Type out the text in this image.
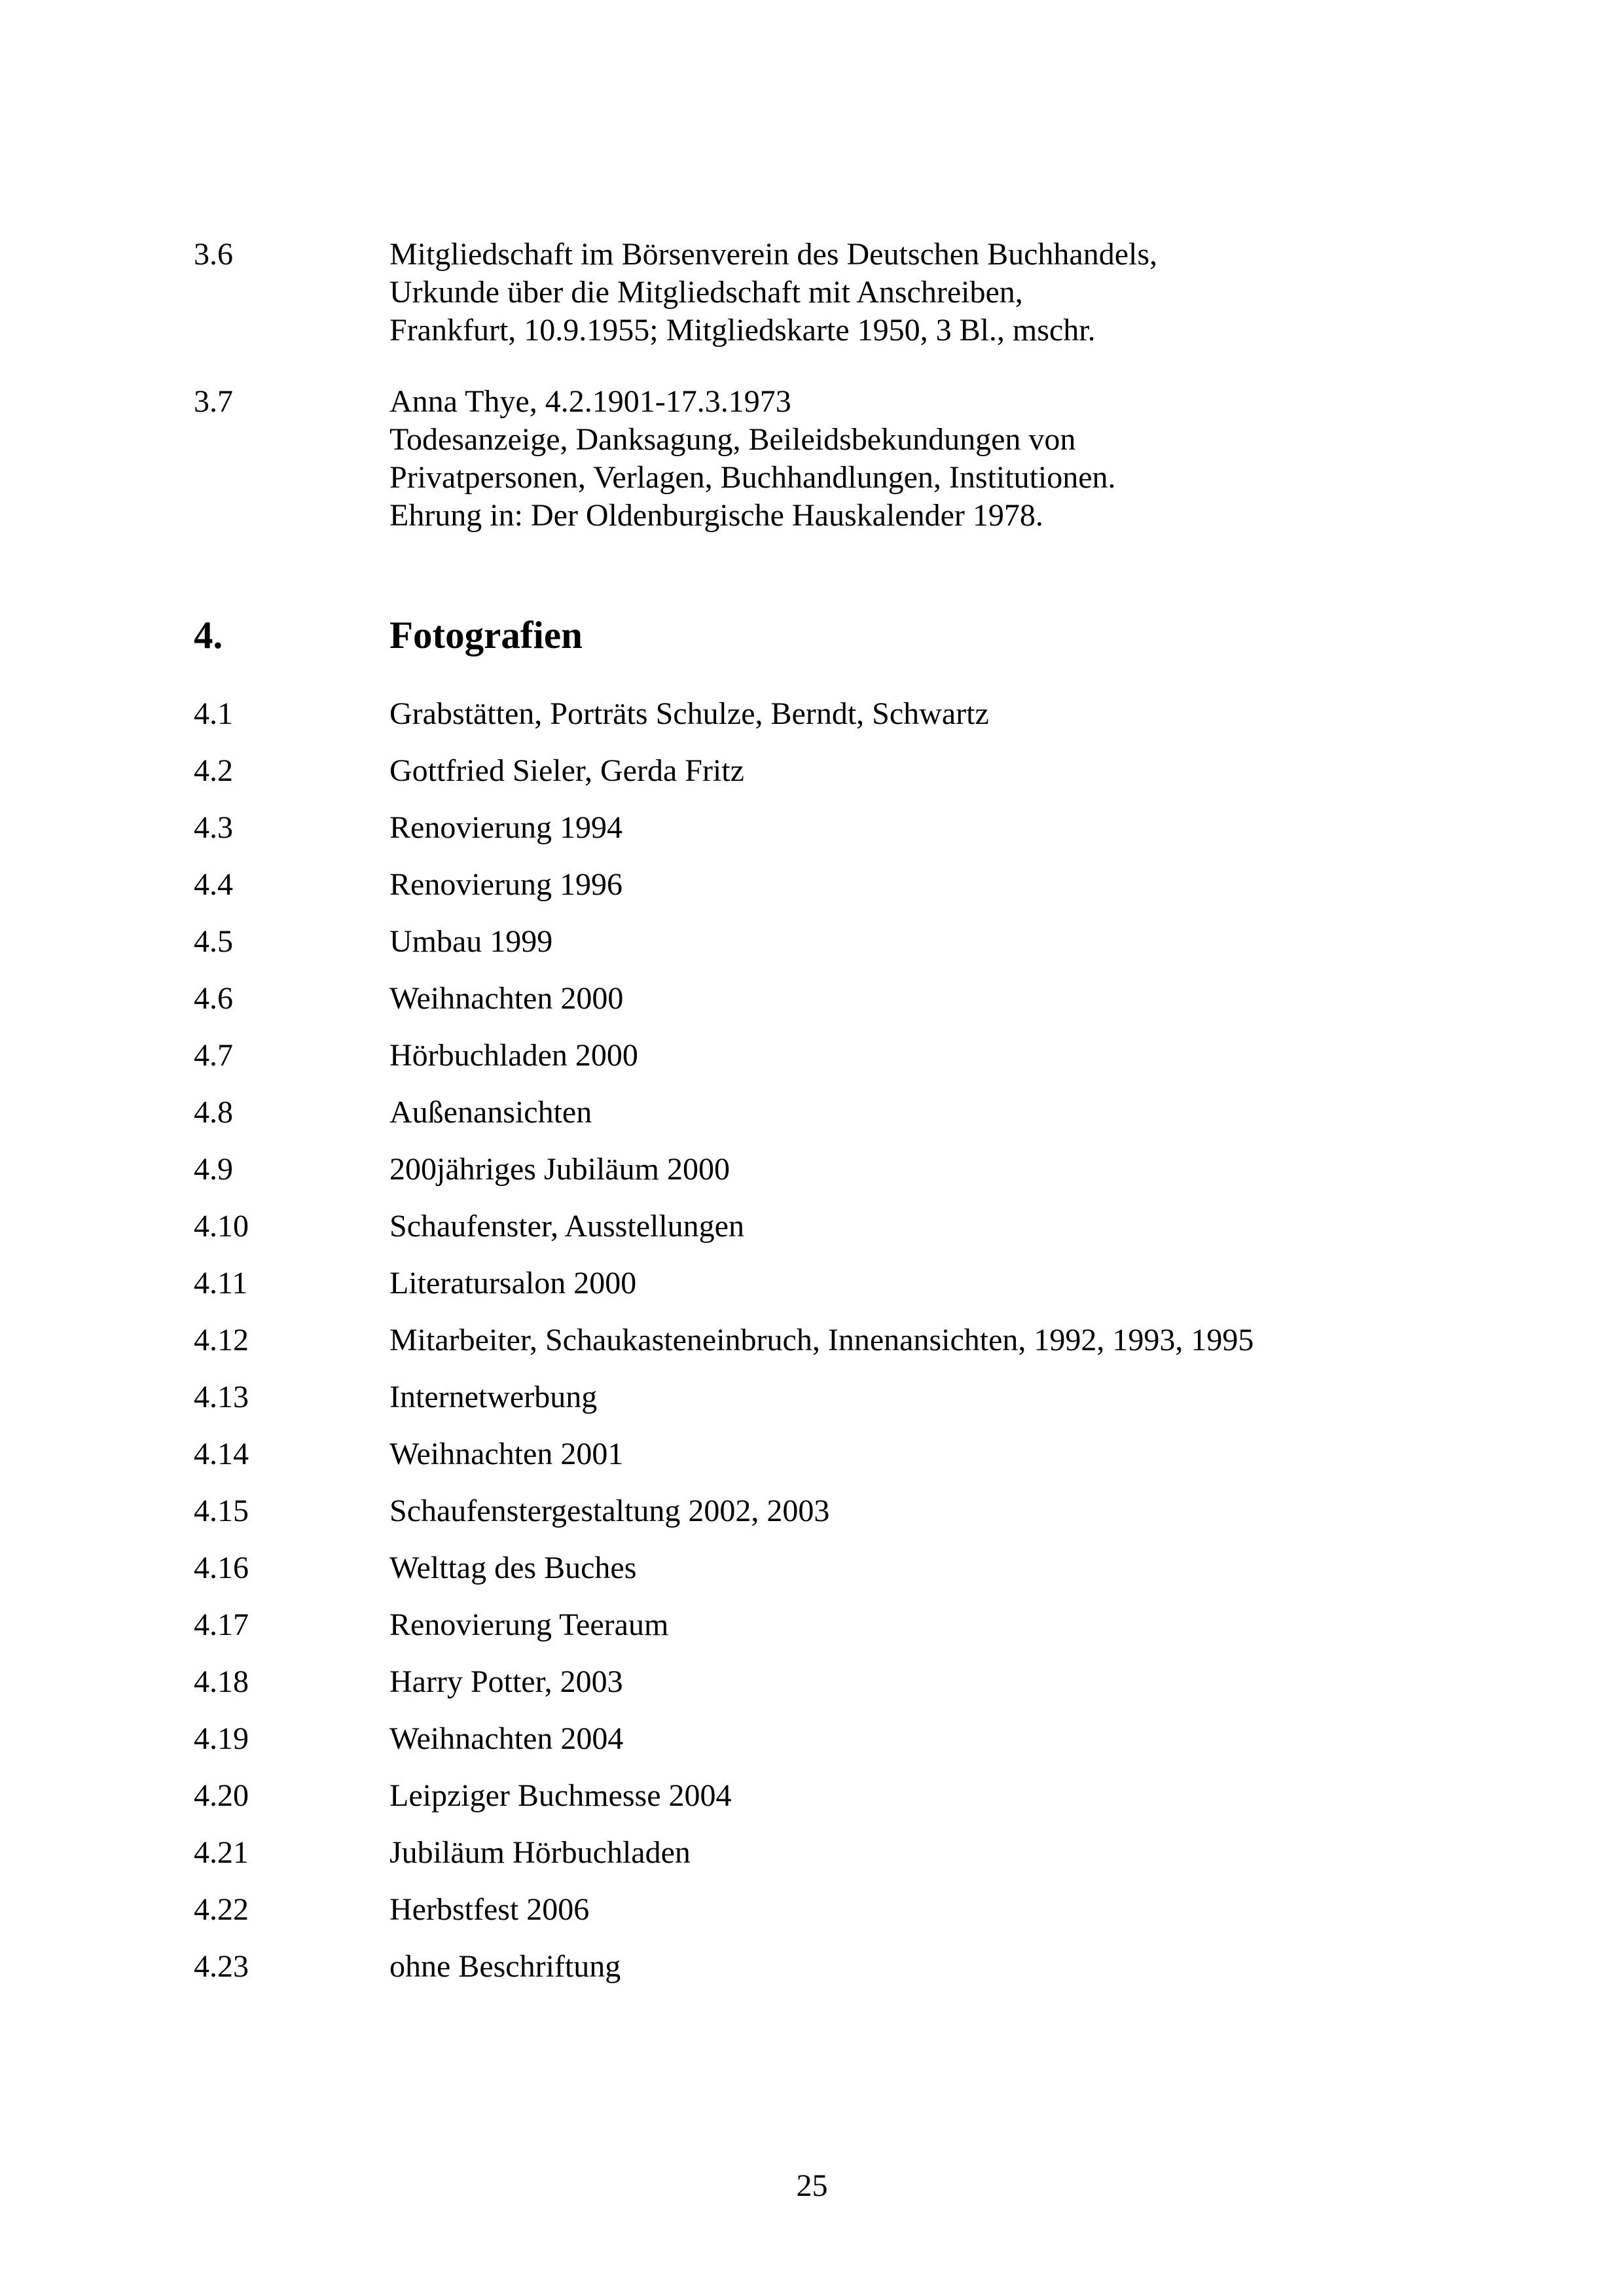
3.6	Mitgliedschaft im Börsenverein des Deutschen Buchhandels,
Urkunde über die Mitgliedschaft mit Anschreiben,
Frankfurt, 10.9.1955; Mitgliedskarte 1950, 3 Bl., mschr.
3.7	Anna Thye, 4.2.1901-17.3.1973
Todesanzeige, Danksagung, Beileidsbekundungen von
Privatpersonen, Verlagen, Buchhandlungen, Institutionen.
Ehrung in: Der Oldenburgische Hauskalender 1978.
4.	Fotografien
4.1	Grabstätten, Porträts Schulze, Berndt, Schwartz
4.2	Gottfried Sieler, Gerda Fritz
4.3	Renovierung 1994
4.4	Renovierung 1996
4.5	Umbau 1999
4.6	Weihnachten 2000
4.7	Hörbuchladen 2000
4.8	Außenansichten
4.9	200jähriges Jubiläum 2000
4.10	Schaufenster, Ausstellungen
4.11	Literatursalon 2000
4.12	Mitarbeiter, Schaukasteneinbruch, Innenansichten, 1992, 1993, 1995
4.13	Internetwerbung
4.14	Weihnachten 2001
4.15	Schaufenstergestaltung 2002, 2003
4.16	Welttag des Buches
4.17	Renovierung Teeraum
4.18	Harry Potter, 2003
4.19	Weihnachten 2004
4.20	Leipziger Buchmesse 2004
4.21	Jubiläum Hörbuchladen
4.22	Herbstfest 2006
4.23	ohne Beschriftung
25
